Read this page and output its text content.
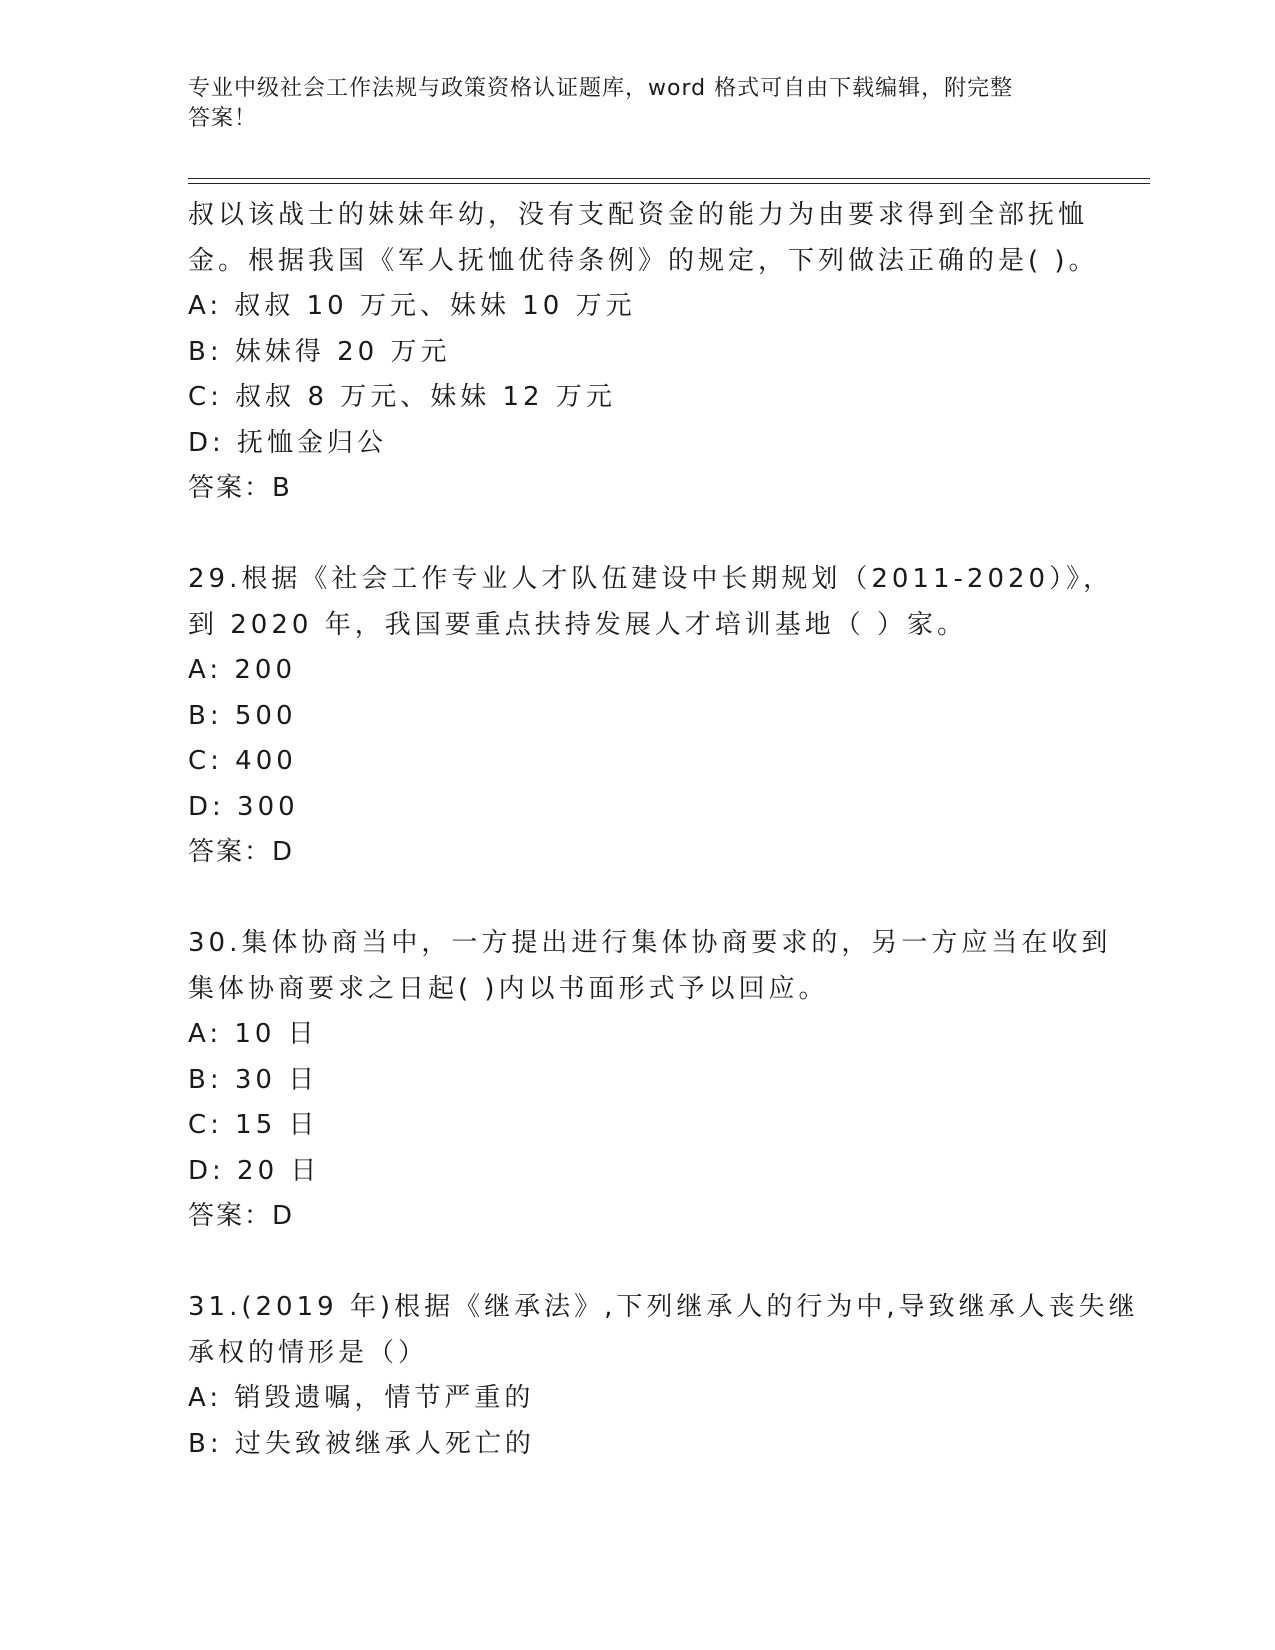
专业中级社会工作法规与政策资格认证题库，word 格式可自由下载编辑，附完整
答案！
叔以该战士的妹妹年幼，没有支配资金的能力为由要求得到全部抚恤
金。根据我国《军人抚恤优待条例》的规定，下列做法正确的是( )。
A: 叔叔 10 万元、妹妹 10 万元
B: 妹妹得 20 万元
C: 叔叔 8 万元、妹妹 12 万元
D: 抚恤金归公
答案：B
29.根据《社会工作专业人才队伍建设中长期规划（2011-2020）》，
到 2020 年，我国要重点扶持发展人才培训基地（ ）家。
A: 200
B: 500
C: 400
D: 300
答案：D
30.集体协商当中，一方提出进行集体协商要求的，另一方应当在收到
集体协商要求之日起( )内以书面形式予以回应。
A: 10 日
B: 30 日
C: 15 日
D: 20 日
答案：D
31.(2019 年)根据《继承法》,下列继承人的行为中,导致继承人丧失继
承权的情形是（）
A: 销毁遗嘱，情节严重的
B: 过失致被继承人死亡的
